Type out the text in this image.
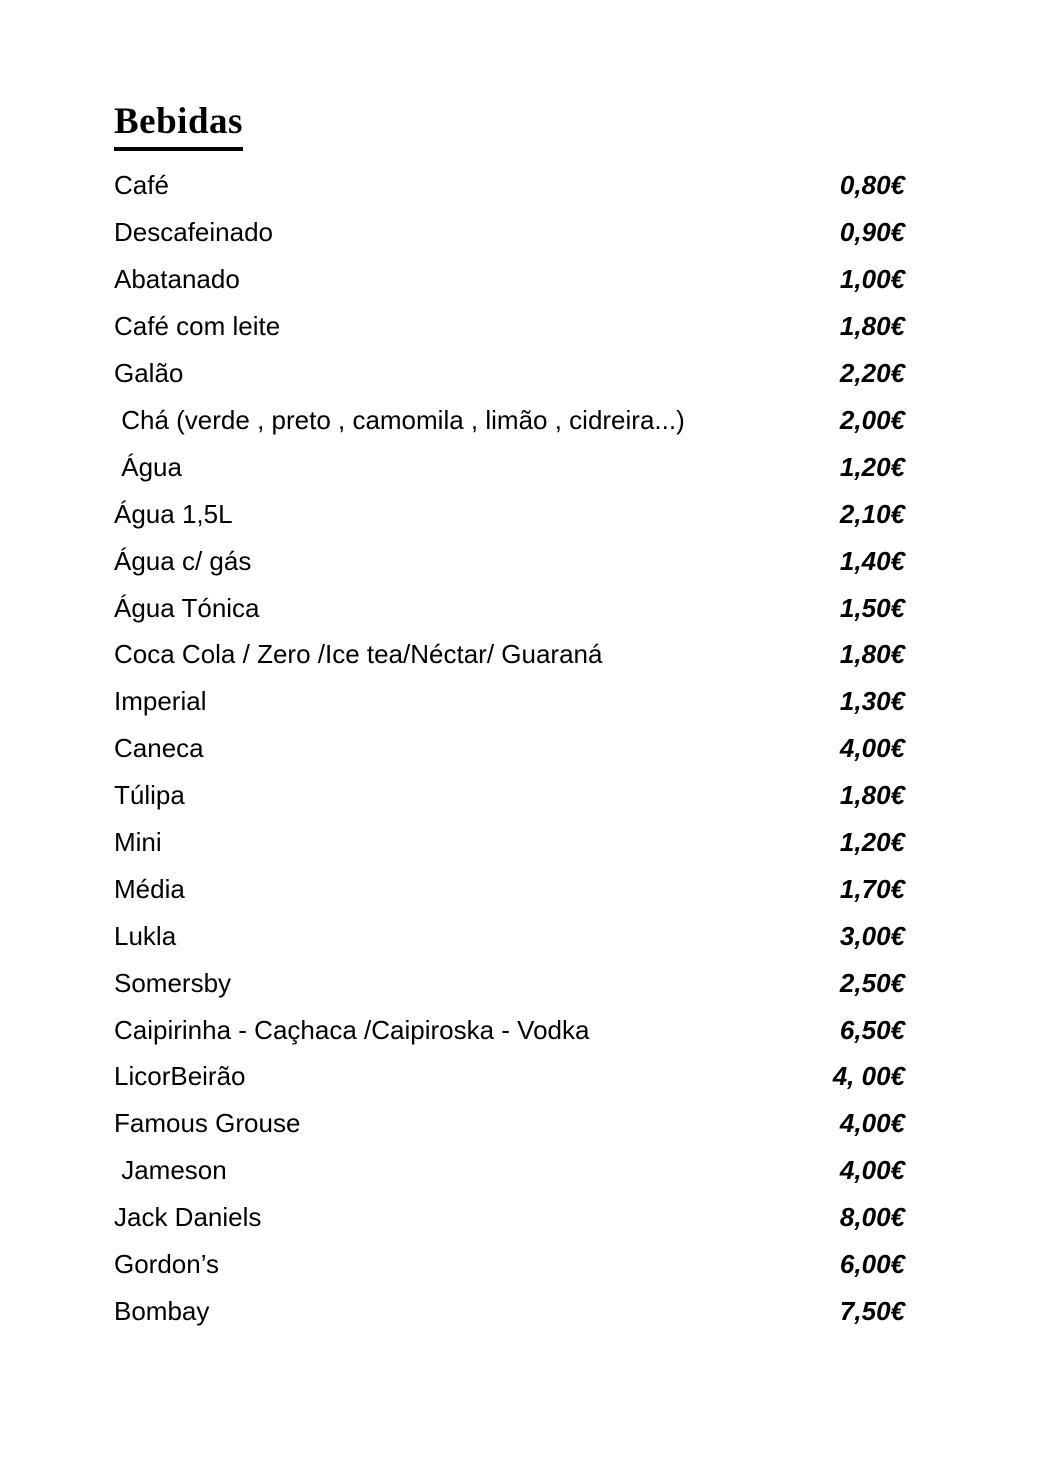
Bebidas
Café	0,80€
Descafeinado	0,90€
Abatanado	1,00€
Café com leite	1,80€
Galão	2,20€
Chá (verde , preto , camomila , limão , cidreira...)	2,00€
Água	1,20€
Água 1,5L	2,10€
Água c/ gás	1,40€
Água Tónica	1,50€
Coca Cola / Zero /Ice tea/Néctar/ Guaraná	1,80€
Imperial	1,30€
Caneca	4,00€
Túlipa	1,80€
Mini	1,20€
Média	1,70€
Lukla	3,00€
Somersby	2,50€
Caipirinha - Caçhaca /Caipiroska - Vodka	6,50€
LicorBeirão	4, 00€
Famous Grouse	4,00€
Jameson	4,00€
Jack Daniels	8,00€
Gordon’s	6,00€
Bombay	7,50€
